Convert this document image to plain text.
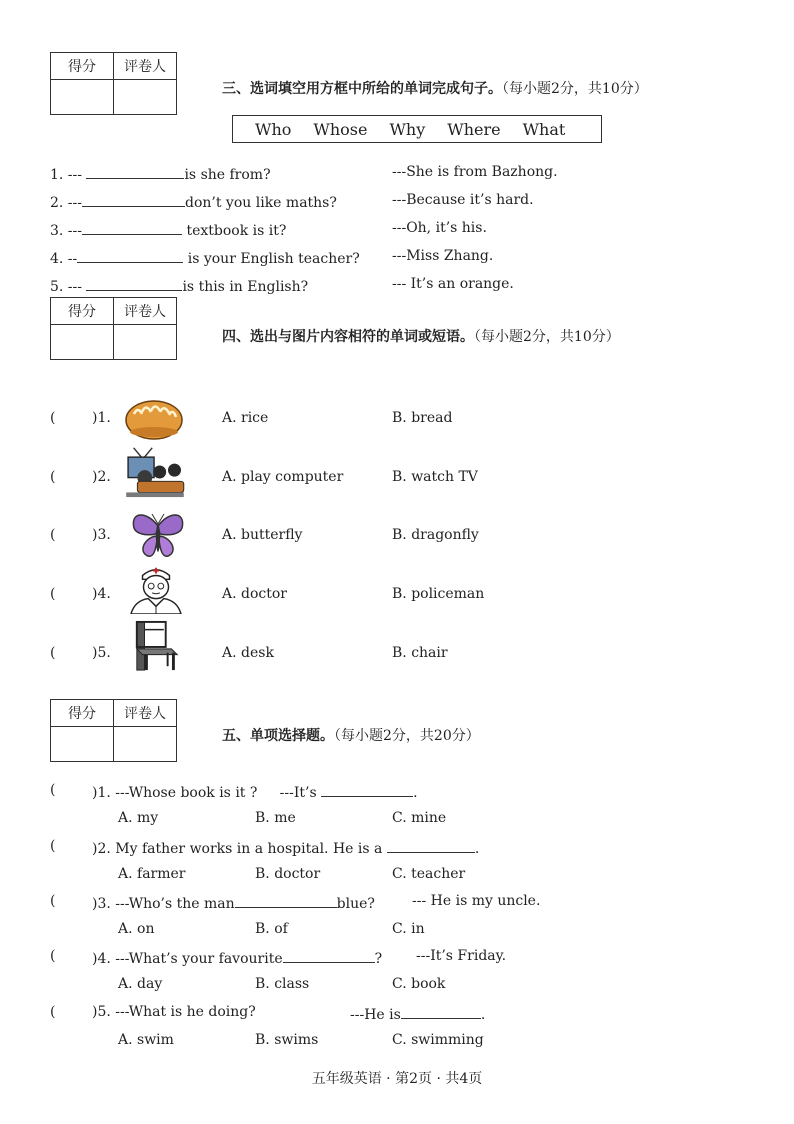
得分	评卷人

三、选词填空用方框中所给的单词完成句子。（每小题2分，共10分）
Who Whose Why Where What
1. ---	is she from?	---She is from Bazhong.
2. ---	don’t you like maths?	---Because it’s hard.
3. ---	textbook is it?	---Oh, it’s his.
4. --	is your English teacher? ---Miss Zhang.
5. ---	is this in English?	--- It’s an orange.
得分	评卷人

四、选出与图片内容相符的单词或短语。（每小题2分，共10分）
(	)1.	A. rice	B. bread
(	)2.	A. play computer	B. watch TV
(	)3.	A. butterfly	B. dragonfly
(	)4.	A. doctor	B. policeman
(	)5.	A. desk	B. chair
得分	评卷人

五、单项选择题。（每小题2分，共20分）
(	)1. ---Whose book is it ? ---It’s	.
A. my	B. me	C. mine
(	)2. My father works in a hospital. He is a	.
A. farmer	B. doctor	C. teacher
(	)3. ---Who’s the man	blue?	--- He is my uncle.
A. on	B. of	C. in
(	)4. ---What’s your favourite	? ---It’s Friday.
A. day	B. class	C. book
(	)5. ---What is he doing?	---He is	.
A. swim	B. swims	C. swimming
五年级英语 · 第2页 · 共4页
